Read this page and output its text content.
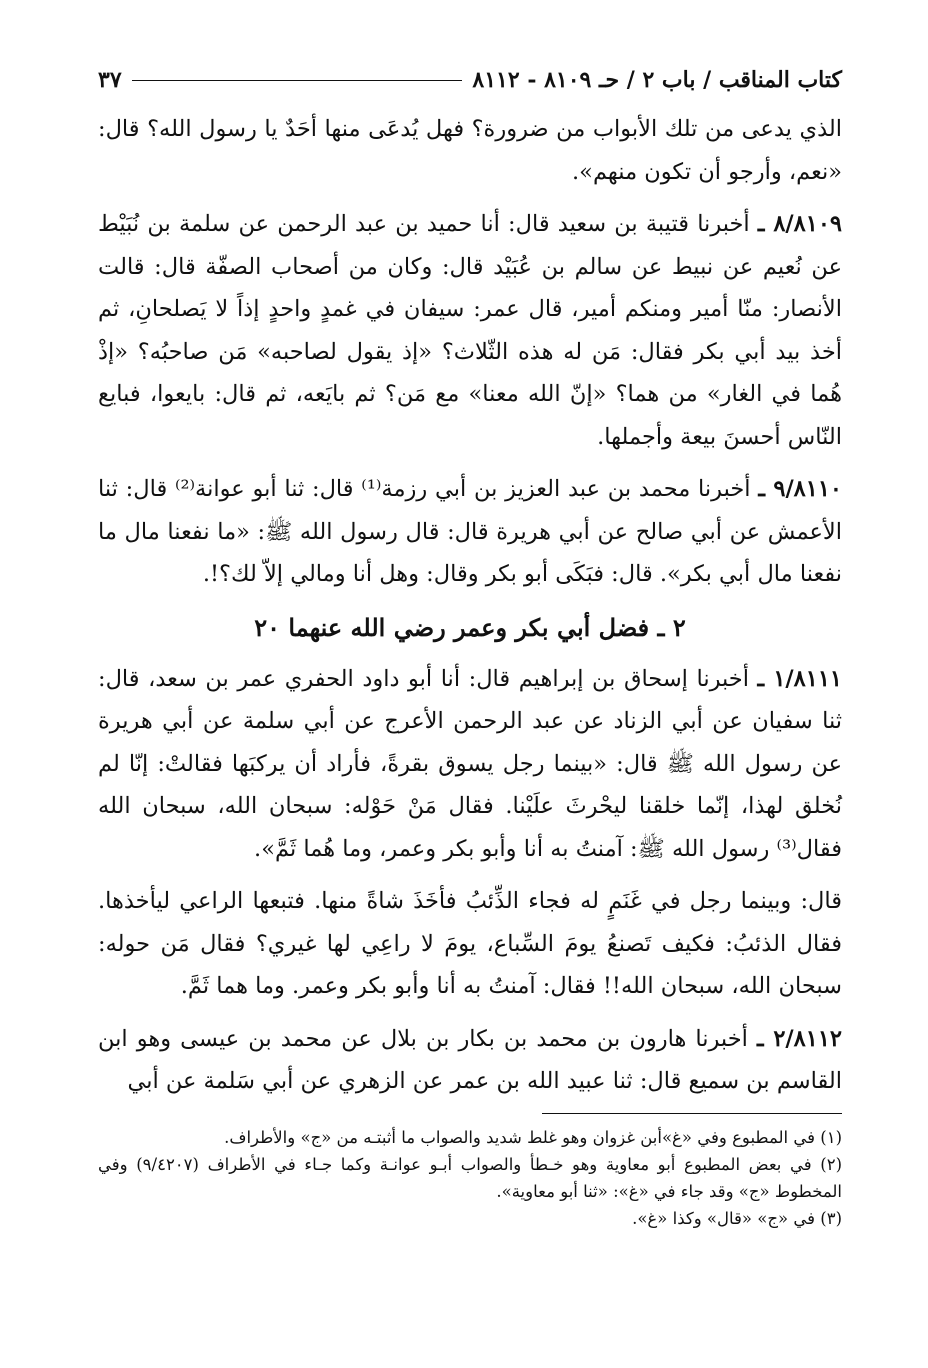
كتاب المناقب / باب ٢ / حـ ٨١٠٩ - ٨١١٢
٣٧

الذي يدعى من تلك الأبواب من ضرورة؟ فهل يُدعَى منها أحَدٌ يا رسول الله؟ قال: «نعم، وأرجو أن تكون منهم».

٨/٨١٠٩ ـ أخبرنا قتيبة بن سعيد قال: أنا حميد بن عبد الرحمن عن سلمة بن نُبَيْط عن نُعيم عن نبيط عن سالم بن عُبَيْد قال: وكان من أصحاب الصفّة قال: قالت الأنصار: منّا أمير ومنكم أمير، قال عمر: سيفان في غمدٍ واحدٍ إذاً لا يَصلحانِ، ثم أخذ بيد أبي بكر فقال: مَن له هذه الثّلاث؟ «إذ يقول لصاحبه» مَن صاحبُه؟ «إذْ هُما في الغار» من هما؟ «إنّ الله معنا» مع مَن؟ ثم بايَعه، ثم قال: بايعوا، فبايع النّاس أحسنَ بيعة وأجملها.

٩/٨١١٠ ـ أخبرنا محمد بن عبد العزيز بن أبي رزمة⁽¹⁾ قال: ثنا أبو عوانة⁽²⁾ قال: ثنا الأعمش عن أبي صالح عن أبي هريرة قال: قال رسول الله ﷺ: «ما نفعنا مال ما نفعنا مال أبي بكر». قال: فبَكَى أبو بكر وقال: وهل أنا ومالي إلاّ لك؟!.

٢ ـ فضل أبي بكر وعمر رضي الله عنهما ٢٠

١/٨١١١ ـ أخبرنا إسحاق بن إبراهيم قال: أنا أبو داود الحفري عمر بن سعد، قال: ثنا سفيان عن أبي الزناد عن عبد الرحمن الأعرج عن أبي سلمة عن أبي هريرة عن رسول الله ﷺ قال: «بينما رجل يسوق بقرةً، فأراد أن يركبَها فقالتْ: إنّا لم نُخلق لهذا، إنّما خلقنا ليحْرثَ علَيْنا. فقال مَنْ حَوْله: سبحان الله، سبحان الله فقال⁽³⁾ رسول الله ﷺ: آمنتُ به أنا وأبو بكر وعمر، وما هُما ثَمَّ».

قال: وبينما رجل في غَنَمٍ له فجاء الذِّئبُ فأخَذَ شاةً منها. فتبعها الراعي ليأخذها. فقال الذئبُ: فكيف تَصنعُ يومَ السِّباع، يومَ لا راعِي لها غيري؟ فقال مَن حوله: سبحان الله، سبحان الله!! فقال: آمنتُ به أنا وأبو بكر وعمر. وما هما ثَمَّ.

٢/٨١١٢ ـ أخبرنا هارون بن محمد بن بكار بن بلال عن محمد بن عيسى وهو ابن القاسم بن سميع قال: ثنا عبيد الله بن عمر عن الزهري عن أبي سَلمة عن أبي

(١) في المطبوع وفي «غ»أبن غزوان وهو غلط شديد والصواب ما أثبتـه من «ج» والأطراف.

(٢) في بعض المطبوع أبو معاوية وهو خـطأ والصواب أبـو عوانـة وكما جـاء في الأطراف (٩/٤٢٠٧) وفي المخطوط «ج» وقد جاء في «غ»: «ثنا أبو معاوية».

(٣) في «ج» «قال» وكذا «غ».
